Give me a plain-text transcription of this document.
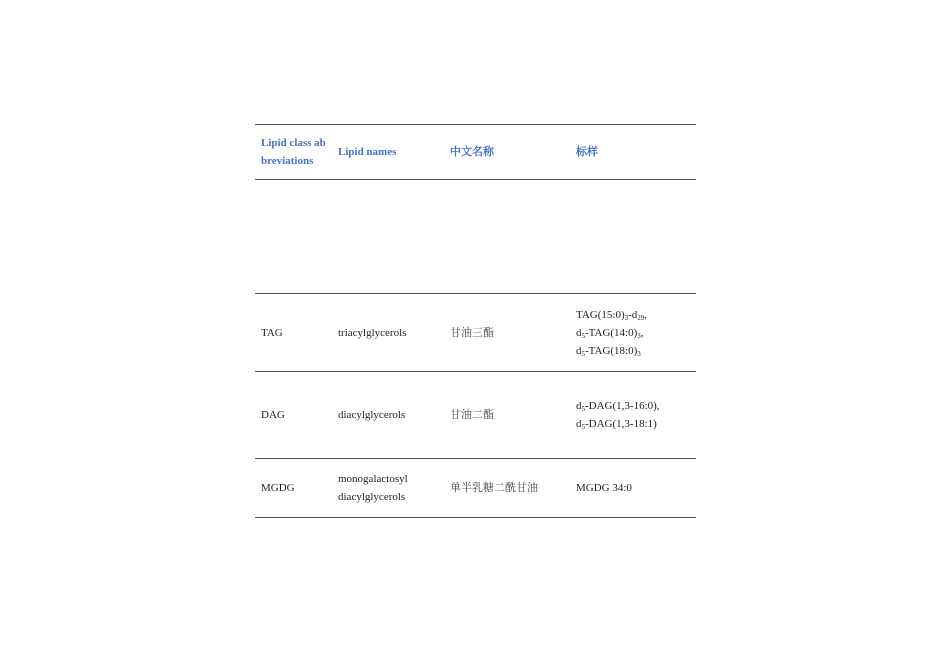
Lipid class abbreviations	Lipid names	中文名称	标样

TAG	triacylglycerols	甘油三酯	$TAG(15:0)_3-d_{29}$,
$d_5-TAG(14:0)_3$,
$d_5-TAG(18:0)_3$

DAG	diacylglycerols	甘油二酯	$d_5-DAG(1,3-16:0)$,
$d_5-DAG(1,3-18:1)$

MGDG	monogalactosyl
diacylglycerols	单半乳糖二酰甘油	MGDG 34:0
